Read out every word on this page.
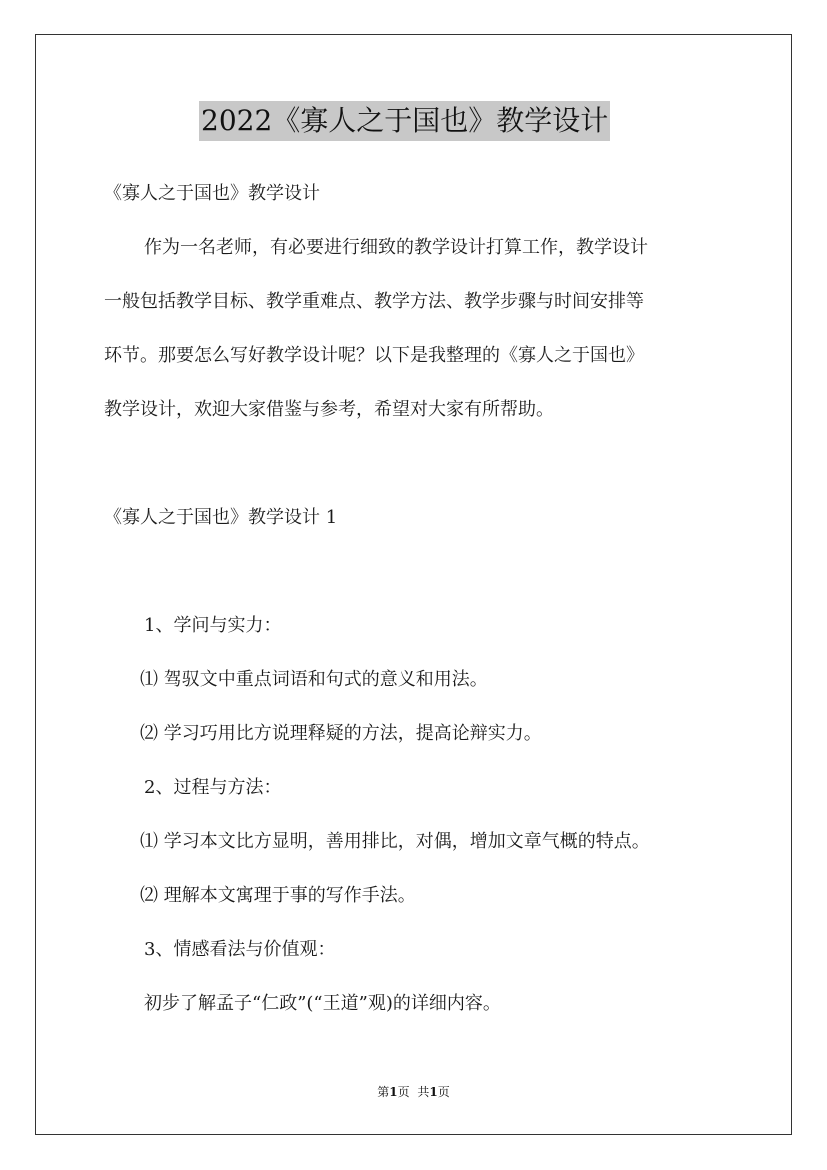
2022《寡人之于国也》教学设计
《寡人之于国也》教学设计
作为一名老师，有必要进行细致的教学设计打算工作，教学设计
一般包括教学目标、教学重难点、教学方法、教学步骤与时间安排等
环节。那要怎么写好教学设计呢？以下是我整理的《寡人之于国也》
教学设计，欢迎大家借鉴与参考，希望对大家有所帮助。
《寡人之于国也》教学设计 1
1、学问与实力：
⑴ 驾驭文中重点词语和句式的意义和用法。
⑵ 学习巧用比方说理释疑的方法，提高论辩实力。
2、过程与方法：
⑴ 学习本文比方显明，善用排比，对偶，增加文章气概的特点。
⑵ 理解本文寓理于事的写作手法。
3、情感看法与价值观：
初步了解孟子“仁政”(“王道”观)的详细内容。
第1页 共1页
